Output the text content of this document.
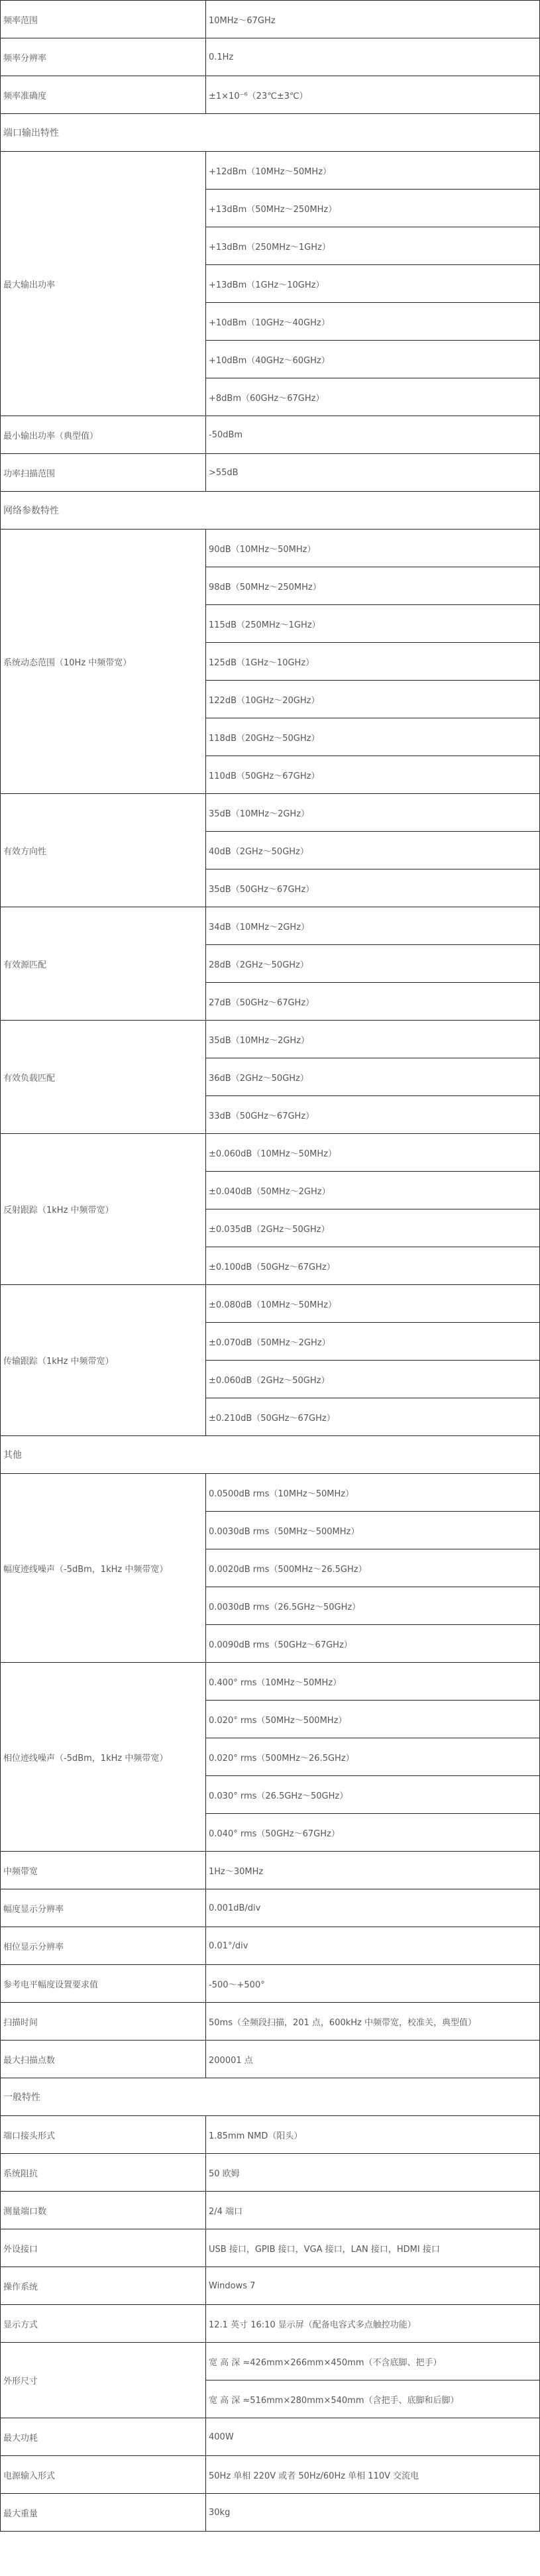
频率范围	10MHz～67GHz
频率分辨率	0.1Hz
频率准确度	±1×10⁻⁶（23℃±3℃）
端口输出特性	
最大输出功率	+12dBm（10MHz～50MHz）
	+13dBm（50MHz～250MHz）
	+13dBm（250MHz～1GHz）
	+13dBm（1GHz～10GHz）
	+10dBm（10GHz～40GHz）
	+10dBm（40GHz～60GHz）
	+8dBm（60GHz～67GHz）
最小输出功率（典型值）	-50dBm
功率扫描范围	>55dB
网络参数特性	
系统动态范围（10Hz 中频带宽）	90dB（10MHz～50MHz）
	98dB（50MHz～250MHz）
	115dB（250MHz～1GHz）
	125dB（1GHz～10GHz）
	122dB（10GHz～20GHz）
	118dB（20GHz～50GHz）
	110dB（50GHz～67GHz）
有效方向性	35dB（10MHz～2GHz）
	40dB（2GHz～50GHz）
	35dB（50GHz～67GHz）
有效源匹配	34dB（10MHz～2GHz）
	28dB（2GHz～50GHz）
	27dB（50GHz～67GHz）
有效负载匹配	35dB（10MHz～2GHz）
	36dB（2GHz～50GHz）
	33dB（50GHz～67GHz）
反射跟踪（1kHz 中频带宽）	±0.060dB（10MHz～50MHz）
	±0.040dB（50MHz～2GHz）
	±0.035dB（2GHz～50GHz）
	±0.100dB（50GHz～67GHz）
传输跟踪（1kHz 中频带宽）	±0.080dB（10MHz～50MHz）
	±0.070dB（50MHz～2GHz）
	±0.060dB（2GHz～50GHz）
	±0.210dB（50GHz～67GHz）
其他	
幅度迹线噪声（-5dBm，1kHz 中频带宽）	0.0500dB rms（10MHz～50MHz）
	0.0030dB rms（50MHz～500MHz）
	0.0020dB rms（500MHz～26.5GHz）
	0.0030dB rms（26.5GHz～50GHz）
	0.0090dB rms（50GHz～67GHz）
相位迹线噪声（-5dBm，1kHz 中频带宽）	0.400° rms（10MHz～50MHz）
	0.020° rms（50MHz～500MHz）
	0.020° rms（500MHz～26.5GHz）
	0.030° rms（26.5GHz～50GHz）
	0.040° rms（50GHz～67GHz）
中频带宽	1Hz～30MHz
幅度显示分辨率	0.001dB/div
相位显示分辨率	0.01°/div
参考电平幅度设置要求值	-500～+500°
扫描时间	50ms（全频段扫描，201 点，600kHz 中频带宽，校准关，典型值）
最大扫描点数	200001 点
一般特性	
端口接头形式	1.85mm NMD（阳头）
系统阻抗	50 欧姆
测量端口数	2/4 端口
外设接口	USB 接口，GPIB 接口，VGA 接口，LAN 接口，HDMI 接口
操作系统	Windows 7
显示方式	12.1 英寸 16:10 显示屏（配备电容式多点触控功能）
外形尺寸	宽 高 深 ≈426mm×266mm×450mm（不含底脚、把手）
	宽 高 深 ≈516mm×280mm×540mm（含把手、底脚和后脚）
最大功耗	400W
电源输入形式	50Hz 单相 220V 或者 50Hz/60Hz 单相 110V 交流电
最大重量	30kg
